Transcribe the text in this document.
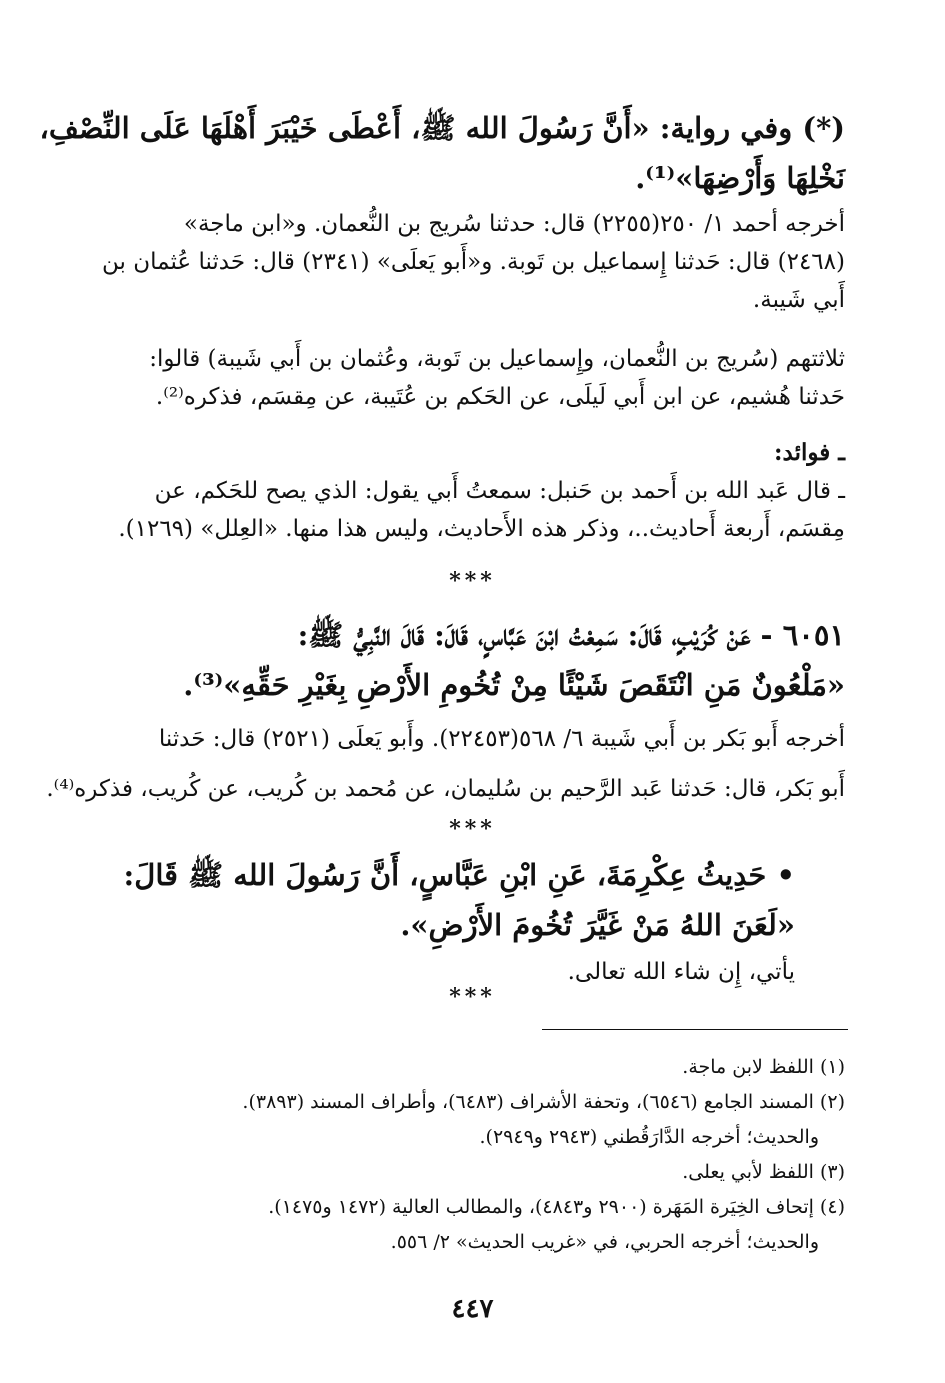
(*) وفي رواية: «أَنَّ رَسُولَ الله ﷺ، أَعْطَى خَيْبَرَ أَهْلَهَا عَلَى النِّصْفِ،
نَخْلِهَا وَأَرْضِهَا»⁽¹⁾.
أخرجه أحمد ١/ ٢٥٠(٢٢٥٥) قال: حدثنا سُريج بن النُّعمان. و«ابن ماجة»
(٢٤٦٨) قال: حَدثنا إِسماعيل بن تَوبة. و«أَبو يَعلَى» (٢٣٤١) قال: حَدثنا عُثمان بن
أَبي شَيبة.
ثلاثتهم (سُريج بن النُّعمان، وإِسماعيل بن تَوبة، وعُثمان بن أَبي شَيبة) قالوا:
حَدثنا هُشيم، عن ابن أَبي لَيلَى، عن الحَكم بن عُتَيبة، عن مِقسَم، فذكره⁽²⁾.
ـ فوائد:
ـ قال عَبد الله بن أَحمد بن حَنبل: سمعتُ أَبي يقول: الذي يصح للحَكم، عن
مِقسَم، أَربعة أَحاديث..، وذكر هذه الأَحاديث، وليس هذا منها. «العِلل» (١٢٦٩).
***
٦٠٥١ - عَنْ كُرَيْبٍ، قَالَ: سَمِعْتُ ابْنَ عَبَّاسٍ، قَالَ: قَالَ النَّبِيُّ ﷺ:
«مَلْعُونٌ مَنِ انْتَقَصَ شَيْئًا مِنْ تُخُومِ الأَرْضِ بِغَيْرِ حَقِّهِ»⁽³⁾.
أخرجه أَبو بَكر بن أَبي شَيبة ٦/ ٥٦٨(٢٢٤٥٣). وأَبو يَعلَى (٢٥٢١) قال: حَدثنا
أَبو بَكر، قال: حَدثنا عَبد الرَّحيم بن سُليمان، عن مُحمد بن كُريب، عن كُريب، فذكره⁽⁴⁾.
***
• حَدِيثُ عِكْرِمَةَ، عَنِ ابْنِ عَبَّاسٍ، أَنَّ رَسُولَ الله ﷺ قَالَ:
«لَعَنَ اللهُ مَنْ غَيَّرَ تُخُومَ الأَرْضِ».
يأتي، إِن شاء الله تعالى.
***
(١) اللفظ لابن ماجة.
(٢) المسند الجامع (٦٥٤٦)، وتحفة الأشراف (٦٤٨٣)، وأطراف المسند (٣٨٩٣).
والحديث؛ أخرجه الدَّارَقُطني (٢٩٤٣ و٢٩٤٩).
(٣) اللفظ لأبي يعلى.
(٤) إتحاف الخِيَرة المَهَرة (٢٩٠٠ و٤٨٤٣)، والمطالب العالية (١٤٧٢ و١٤٧٥).
والحديث؛ أخرجه الحربي، في «غريب الحديث» ٢/ ٥٥٦.
٤٤٧
